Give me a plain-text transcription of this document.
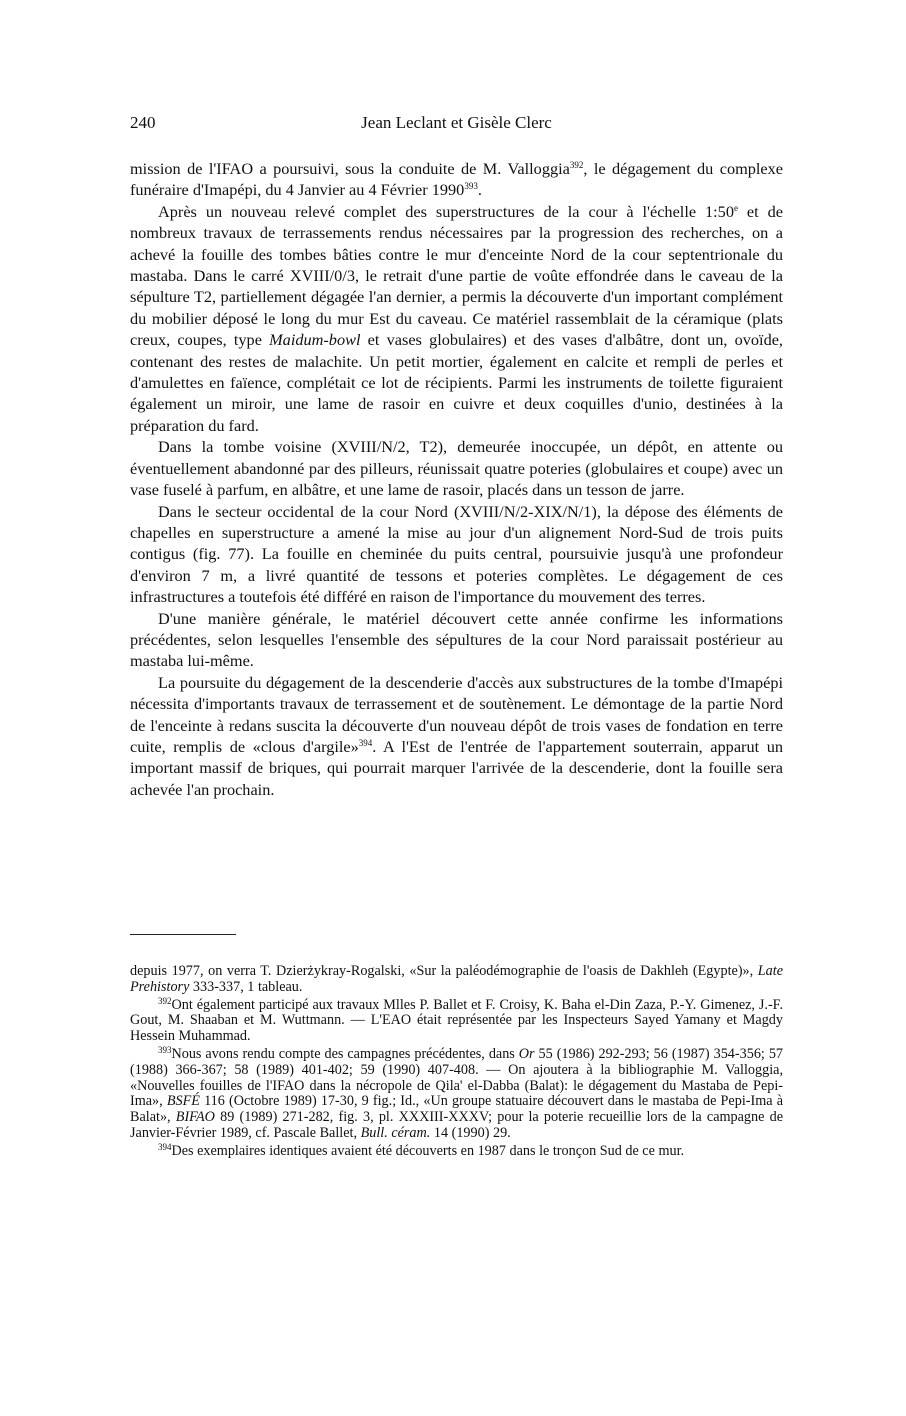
240	Jean Leclant et Gisèle Clerc

mission de l'IFAO a poursuivi, sous la conduite de M. Valloggia$^{392}$, le dégagement du complexe funéraire d'Imapépi, du 4 Janvier au 4 Février 1990$^{393}$.

Après un nouveau relevé complet des superstructures de la cour à l'échelle 1:50e et de nombreux travaux de terrassements rendus nécessaires par la progression des recherches, on a achevé la fouille des tombes bâties contre le mur d'enceinte Nord de la cour septentrionale du mastaba. Dans le carré XVIII/0/3, le retrait d'une partie de voûte effondrée dans le caveau de la sépulture T2, partiellement dégagée l'an dernier, a permis la découverte d'un important complément du mobilier déposé le long du mur Est du caveau. Ce matériel rassemblait de la céramique (plats creux, coupes, type Maidum-bowl et vases globulaires) et des vases d'albâtre, dont un, ovoïde, contenant des restes de malachite. Un petit mortier, également en calcite et rempli de perles et d'amulettes en faïence, complétait ce lot de récipients. Parmi les instruments de toilette figuraient également un miroir, une lame de rasoir en cuivre et deux coquilles d'unio, destinées à la préparation du fard.

Dans la tombe voisine (XVIII/N/2, T2), demeurée inoccupée, un dépôt, en attente ou éventuellement abandonné par des pilleurs, réunissait quatre poteries (globulaires et coupe) avec un vase fuselé à parfum, en albâtre, et une lame de rasoir, placés dans un tesson de jarre.

Dans le secteur occidental de la cour Nord (XVIII/N/2-XIX/N/1), la dépose des éléments de chapelles en superstructure a amené la mise au jour d'un alignement Nord-Sud de trois puits contigus (fig. 77). La fouille en cheminée du puits central, poursuivie jusqu'à une profondeur d'environ 7 m, a livré quantité de tessons et poteries complètes. Le dégagement de ces infrastructures a toutefois été différé en raison de l'importance du mouvement des terres.

D'une manière générale, le matériel découvert cette année confirme les informations précédentes, selon lesquelles l'ensemble des sépultures de la cour Nord paraissait postérieur au mastaba lui-même.

La poursuite du dégagement de la descenderie d'accès aux substructures de la tombe d'Imapépi nécessita d'importants travaux de terrassement et de soutènement. Le démontage de la partie Nord de l'enceinte à redans suscita la découverte d'un nouveau dépôt de trois vases de fondation en terre cuite, remplis de «clous d'argile»$^{394}$. A l'Est de l'entrée de l'appartement souterrain, apparut un important massif de briques, qui pourrait marquer l'arrivée de la descenderie, dont la fouille sera achevée l'an prochain.

depuis 1977, on verra T. Dzierżykray-Rogalski, «Sur la paléodémographie de l'oasis de Dakhleh (Egypte)», Late Prehistory 333-337, 1 tableau.

$^{392}$Ont également participé aux travaux Mlles P. Ballet et F. Croisy, K. Baha el-Din Zaza, P.-Y. Gimenez, J.-F. Gout, M. Shaaban et M. Wuttmann. — L'EAO était représentée par les Inspecteurs Sayed Yamany et Magdy Hessein Muhammad.

$^{393}$Nous avons rendu compte des campagnes précédentes, dans Or 55 (1986) 292-293; 56 (1987) 354-356; 57 (1988) 366-367; 58 (1989) 401-402; 59 (1990) 407-408. — On ajoutera à la bibliographie M. Valloggia, «Nouvelles fouilles de l'IFAO dans la nécropole de Qila' el-Dabba (Balat): le dégagement du Mastaba de Pepi-Ima», BSFÉ 116 (Octobre 1989) 17-30, 9 fig.; Id., «Un groupe statuaire découvert dans le mastaba de Pepi-Ima à Balat», BIFAO 89 (1989) 271-282, fig. 3, pl. XXXIII-XXXV; pour la poterie recueillie lors de la campagne de Janvier-Février 1989, cf. Pascale Ballet, Bull. céram. 14 (1990) 29.

$^{394}$Des exemplaires identiques avaient été découverts en 1987 dans le tronçon Sud de ce mur.
